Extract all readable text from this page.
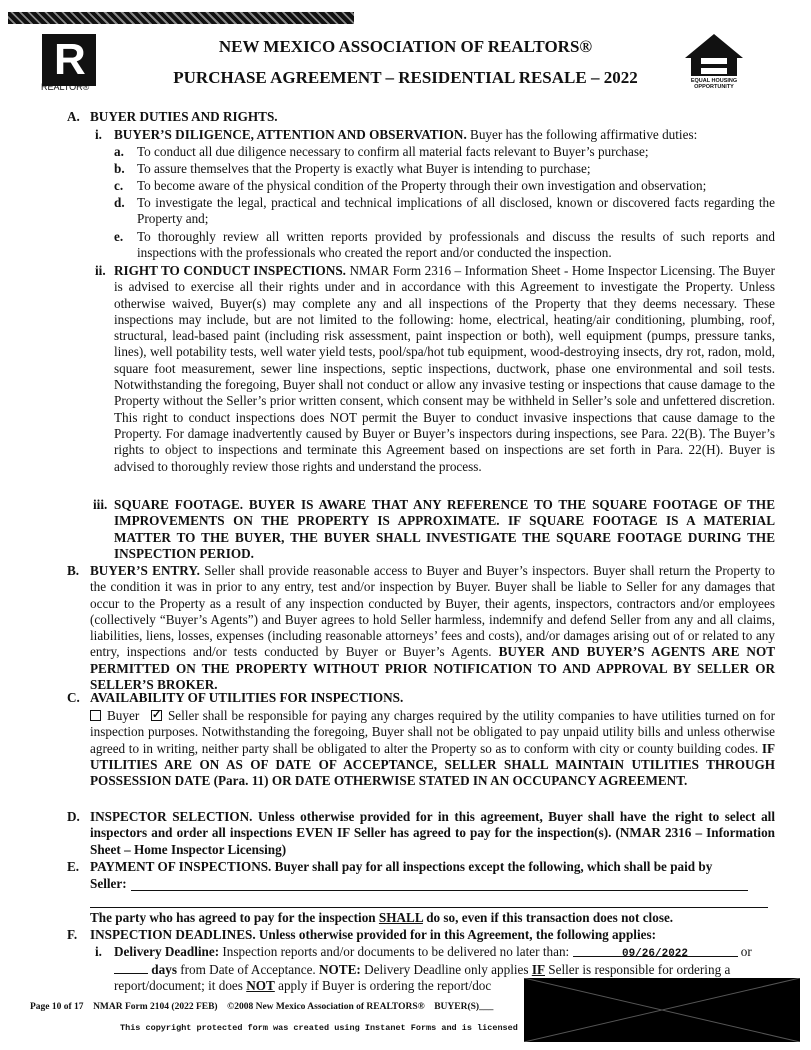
R
REALTOR®
NEW MEXICO ASSOCIATION OF REALTORS®
PURCHASE AGREEMENT – RESIDENTIAL RESALE – 2022	EQUAL HOUSING OPPORTUNITY
A. BUYER DUTIES AND RIGHTS.
i. BUYER’S DILIGENCE, ATTENTION AND OBSERVATION. Buyer has the following affirmative duties:
a. To conduct all due diligence necessary to confirm all material facts relevant to Buyer’s purchase;
b. To assure themselves that the Property is exactly what Buyer is intending to purchase;
c. To become aware of the physical condition of the Property through their own investigation and observation;
d. To investigate the legal, practical and technical implications of all disclosed, known or discovered facts regarding the Property and;
e. To thoroughly review all written reports provided by professionals and discuss the results of such reports and inspections with the professionals who created the report and/or conducted the inspection.
ii. RIGHT TO CONDUCT INSPECTIONS. NMAR Form 2316 – Information Sheet - Home Inspector Licensing. The Buyer is advised to exercise all their rights under and in accordance with this Agreement to investigate the Property. Unless otherwise waived, Buyer(s) may complete any and all inspections of the Property that they deems necessary. These inspections may include, but are not limited to the following: home, electrical, heating/air conditioning, plumbing, roof, structural, lead-based paint (including risk assessment, paint inspection or both), well equipment (pumps, pressure tanks, lines), well potability tests, well water yield tests, pool/spa/hot tub equipment, wood-destroying insects, dry rot, radon, mold, square foot measurement, sewer line inspections, septic inspections, ductwork, phase one environmental and soil tests. Notwithstanding the foregoing, Buyer shall not conduct or allow any invasive testing or inspections that cause damage to the Property without the Seller’s prior written consent, which consent may be withheld in Seller’s sole and unfettered discretion. This right to conduct inspections does NOT permit the Buyer to conduct invasive inspections that cause damage to the Property. For damage inadvertently caused by Buyer or Buyer’s inspectors during inspections, see Para. 22(B). The Buyer’s rights to object to inspections and terminate this Agreement based on inspections are set forth in Para. 22(H). Buyer is advised to thoroughly review those rights and understand the process.
iii. SQUARE FOOTAGE. BUYER IS AWARE THAT ANY REFERENCE TO THE SQUARE FOOTAGE OF THE IMPROVEMENTS ON THE PROPERTY IS APPROXIMATE. IF SQUARE FOOTAGE IS A MATERIAL MATTER TO THE BUYER, THE BUYER SHALL INVESTIGATE THE SQUARE FOOTAGE DURING THE INSPECTION PERIOD.
B. BUYER’S ENTRY. Seller shall provide reasonable access to Buyer and Buyer’s inspectors. Buyer shall return the Property to the condition it was in prior to any entry, test and/or inspection by Buyer. Buyer shall be liable to Seller for any damages that occur to the Property as a result of any inspection conducted by Buyer, their agents, inspectors, contractors and/or employees (collectively “Buyer’s Agents”) and Buyer agrees to hold Seller harmless, indemnify and defend Seller from any and all claims, liabilities, liens, losses, expenses (including reasonable attorneys’ fees and costs), and/or damages arising out of or related to any entry, inspections and/or tests conducted by Buyer or Buyer’s Agents. BUYER AND BUYER’S AGENTS ARE NOT PERMITTED ON THE PROPERTY WITHOUT PRIOR NOTIFICATION TO AND APPROVAL BY SELLER OR SELLER’S BROKER.
C. AVAILABILITY OF UTILITIES FOR INSPECTIONS.
Buyer   ✓ Seller shall be responsible for paying any charges required by the utility companies to have utilities turned on for inspection purposes. Notwithstanding the foregoing, Buyer shall not be obligated to pay unpaid utility bills and unless otherwise agreed to in writing, neither party shall be obligated to alter the Property so as to conform with city or county building codes. IF UTILITIES ARE ON AS OF DATE OF ACCEPTANCE, SELLER SHALL MAINTAIN UTILITIES THROUGH POSSESSION DATE (Para. 11) OR DATE OTHERWISE STATED IN AN OCCUPANCY AGREEMENT.
D. INSPECTOR SELECTION. Unless otherwise provided for in this agreement, Buyer shall have the right to select all inspectors and order all inspections EVEN IF Seller has agreed to pay for the inspection(s). (NMAR 2316 – Information Sheet – Home Inspector Licensing)
E. PAYMENT OF INSPECTIONS. Buyer shall pay for all inspections except the following, which shall be paid by
Seller:
The party who has agreed to pay for the inspection SHALL do so, even if this transaction does not close.
F. INSPECTION DEADLINES. Unless otherwise provided for in this Agreement, the following applies:
i. Delivery Deadline: Inspection reports and/or documents to be delivered no later than:	09/26/2022	or
days from Date of Acceptance. NOTE: Delivery Deadline only applies IF Seller is responsible for ordering a
report/document; it does NOT apply if Buyer is ordering the report/doc
Page 10 of 17 NMAR Form 2104 (2022 FEB) ©2008 New Mexico Association of REALTORS® BUYER(S)___
This copyright protected form was created using Instanet Forms and is licensed
